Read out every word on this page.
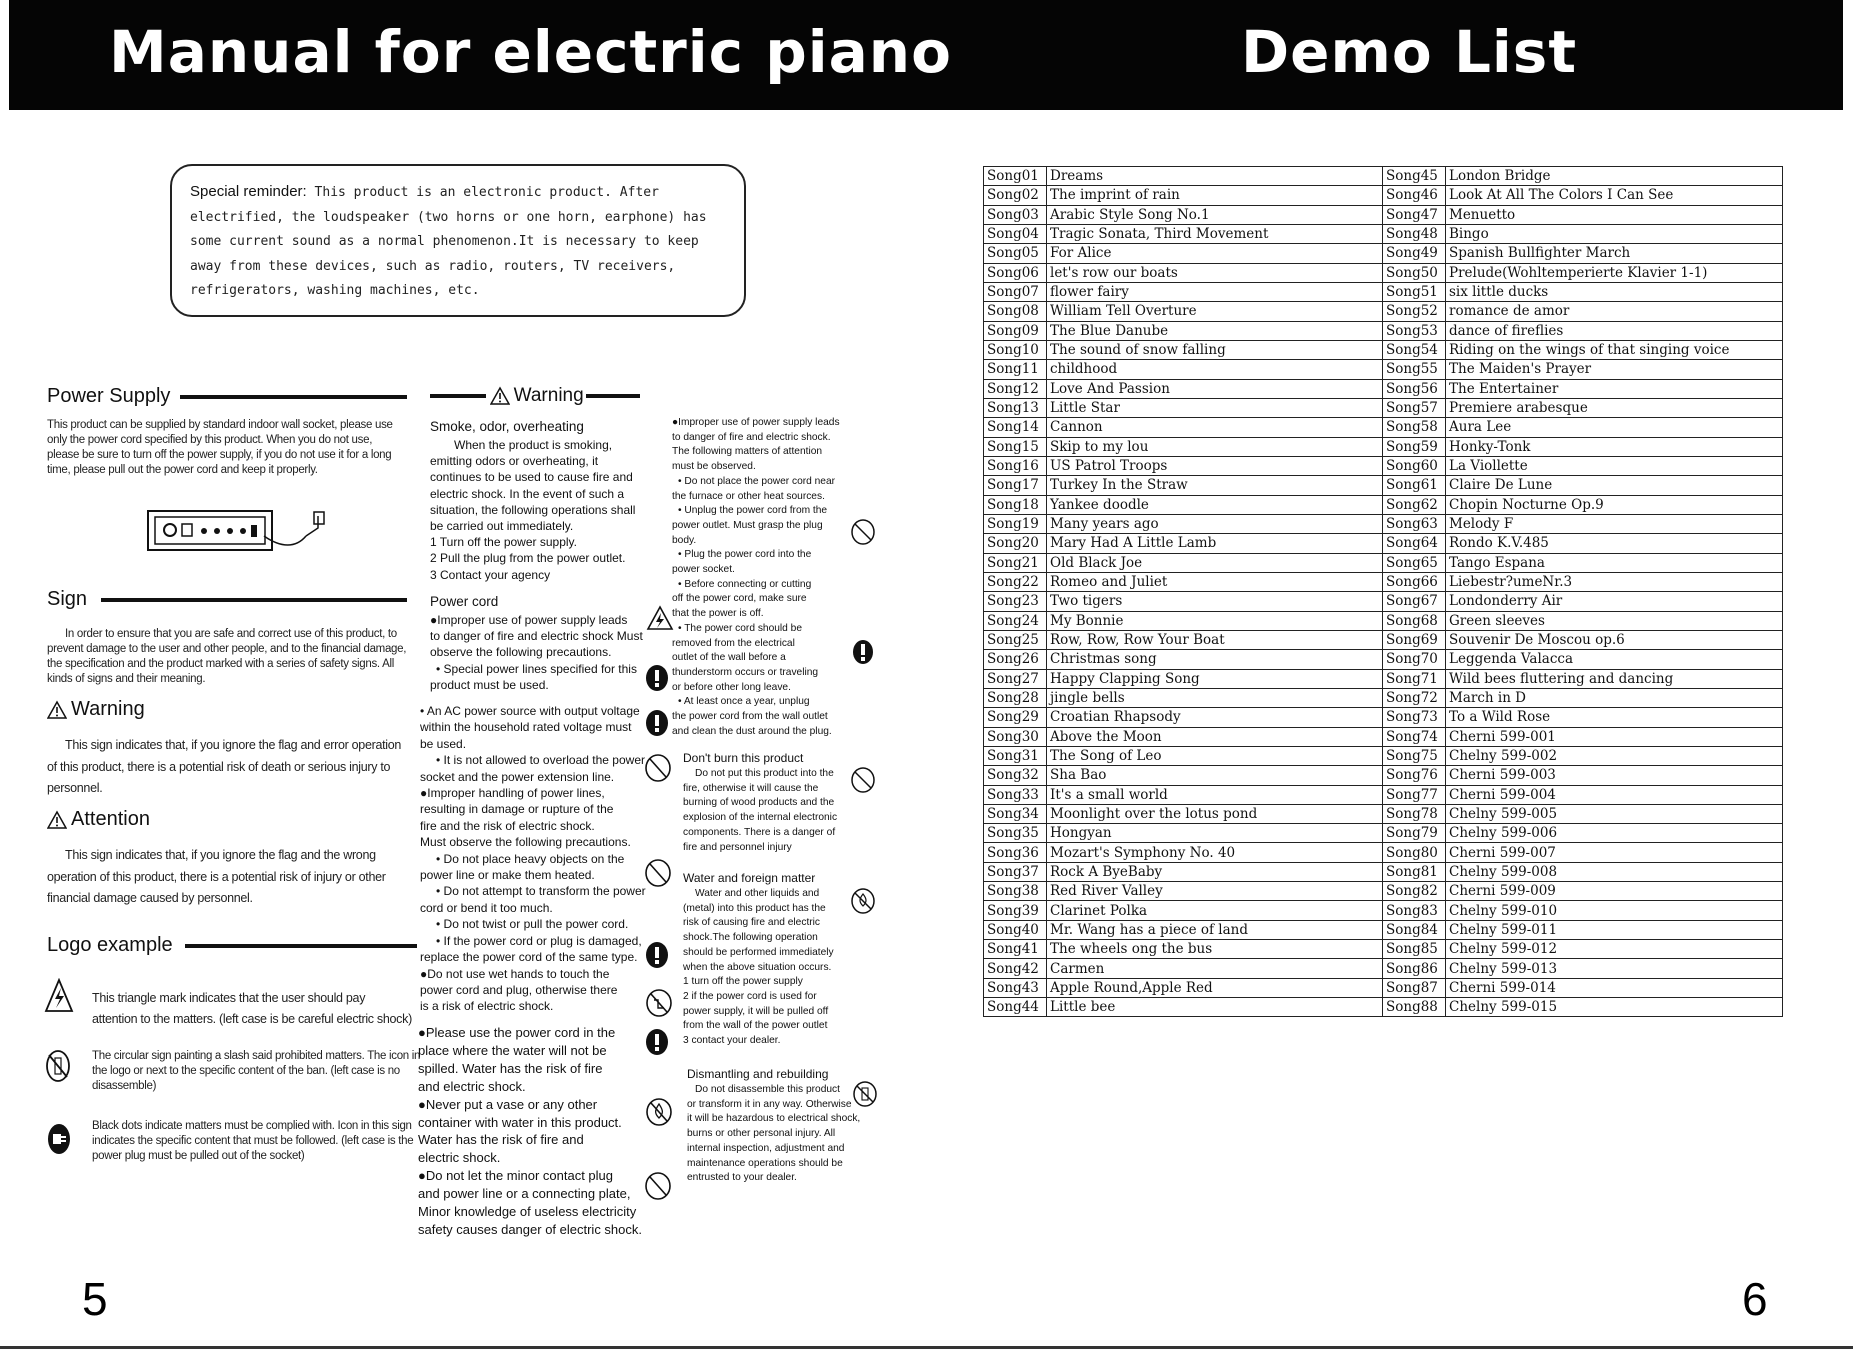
Manual for electric piano	Demo List
Special reminder: This product is an electronic product. After electrified, the loudspeaker (two horns or one horn, earphone) has some current sound as a normal phenomenon.It is necessary to keep away from these devices, such as radio, routers, TV receivers, refrigerators, washing machines, etc.
Power Supply
This product can be supplied by standard indoor wall socket, please use only the power cord specified by this product. When you do not use, please be sure to turn off the power supply, if you do not use it for a long time, please pull out the power cord and keep it properly.
Sign
In order to ensure that you are safe and correct use of this product, to prevent damage to the user and other people, and to the financial damage, the specification and the product marked with a series of safety signs. All kinds of signs and their meaning.
Warning
This sign indicates that, if you ignore the flag and error operation of this product, there is a potential risk of death or serious injury to personnel.
Attention
This sign indicates that, if you ignore the flag and the wrong operation of this product, there is a potential risk of injury or other financial damage caused by personnel.
Logo example
This triangle mark indicates that the user should pay attention to the matters. (left case is be careful electric shock)
The circular sign painting a slash said prohibited matters. The icon in the logo or next to the specific content of the ban. (left case is no disassemble)
Black dots indicate matters must be complied with. Icon in this sign indicates the specific content that must be followed. (left case is the power plug must be pulled out of the socket)
Warning
Smoke, odor, overheating
When the product is smoking,
emitting odors or overheating, it
continues to be used to cause fire and
electric shock. In the event of such a
situation, the following operations shall
be carried out immediately.
1 Turn off the power supply.
2 Pull the plug from the power outlet.
3 Contact your agency
Power cord
●Improper use of power supply leads
to danger of fire and electric shock Must
observe the following precautions.
• Special power lines specified for this
product must be used.
• An AC power source with output voltage
within the household rated voltage must
be used.
• It is not allowed to overload the power
socket and the power extension line.
●Improper handling of power lines,
resulting in damage or rupture of the
fire and the risk of electric shock.
Must observe the following precautions.
• Do not place heavy objects on the
power line or make them heated.
• Do not attempt to transform the power
cord or bend it too much.
• Do not twist or pull the power cord.
• If the power cord or plug is damaged,
replace the power cord of the same type.
●Do not use wet hands to touch the
power cord and plug, otherwise there
is a risk of electric shock.
●Please use the power cord in the
place where the water will not be
spilled. Water has the risk of fire
and electric shock.
●Never put a vase or any other
container with water in this product.
Water has the risk of fire and
electric shock.
●Do not let the minor contact plug
and power line or a connecting plate,
Minor knowledge of useless electricity
safety causes danger of electric shock.
●Improper use of power supply leads
to danger of fire and electric shock.
The following matters of attention
must be observed.
• Do not place the power cord near
the furnace or other heat sources.
• Unplug the power cord from the
power outlet. Must grasp the plug
body.
• Plug the power cord into the
power socket.
• Before connecting or cutting
off the power cord, make sure
that the power is off.
• The power cord should be
removed from the electrical
outlet of the wall before a
thunderstorm occurs or traveling
or before other long leave.
• At least once a year, unplug
the power cord from the wall outlet
and clean the dust around the plug.
Don't burn this product
Do not put this product into the
fire, otherwise it will cause the
burning of wood products and the
explosion of the internal electronic
components. There is a danger of
fire and personnel injury
Water and foreign matter
Water and other liquids and
(metal) into this product has the
risk of causing fire and electric
shock.The following operation
should be performed immediately
when the above situation occurs.
1 turn off the power supply
2 if the power cord is used for
power supply, it will be pulled off
from the wall of the power outlet
3 contact your dealer.
Dismantling and rebuilding
Do not disassemble this product
or transform it in any way. Otherwise
it will be hazardous to electrical shock,
burns or other personal injury. All
internal inspection, adjustment and
maintenance operations should be
entrusted to your dealer.
Song01	Dreams	Song45	London Bridge
Song02	The imprint of rain	Song46	Look At All The Colors I Can See
Song03	Arabic Style Song No.1	Song47	Menuetto
Song04	Tragic Sonata, Third Movement	Song48	Bingo
Song05	For Alice	Song49	Spanish Bullfighter March
Song06	let's row our boats	Song50	Prelude(Wohltemperierte Klavier 1-1)
Song07	flower fairy	Song51	six little ducks
Song08	William Tell Overture	Song52	romance de amor
Song09	The Blue Danube	Song53	dance of fireflies
Song10	The sound of snow falling	Song54	Riding on the wings of that singing voice
Song11	childhood	Song55	The Maiden's Prayer
Song12	Love And Passion	Song56	The Entertainer
Song13	Little Star	Song57	Premiere arabesque
Song14	Cannon	Song58	Aura Lee
Song15	Skip to my lou	Song59	Honky-Tonk
Song16	US Patrol Troops	Song60	La Viollette
Song17	Turkey In the Straw	Song61	Claire De Lune
Song18	Yankee doodle	Song62	Chopin Nocturne Op.9
Song19	Many years ago	Song63	Melody F
Song20	Mary Had A Little Lamb	Song64	Rondo K.V.485
Song21	Old Black Joe	Song65	Tango Espana
Song22	Romeo and Juliet	Song66	Liebestr?umeNr.3
Song23	Two tigers	Song67	Londonderry Air
Song24	My Bonnie	Song68	Green sleeves
Song25	Row, Row, Row Your Boat	Song69	Souvenir De Moscou op.6
Song26	Christmas song	Song70	Leggenda Valacca
Song27	Happy Clapping Song	Song71	Wild bees fluttering and dancing
Song28	jingle bells	Song72	March in D
Song29	Croatian Rhapsody	Song73	To a Wild Rose
Song30	Above the Moon	Song74	Cherni 599-001
Song31	The Song of Leo	Song75	Chelny 599-002
Song32	Sha Bao	Song76	Cherni 599-003
Song33	It's a small world	Song77	Cherni 599-004
Song34	Moonlight over the lotus pond	Song78	Chelny 599-005
Song35	Hongyan	Song79	Chelny 599-006
Song36	Mozart's Symphony No. 40	Song80	Cherni 599-007
Song37	Rock A ByeBaby	Song81	Chelny 599-008
Song38	Red River Valley	Song82	Cherni 599-009
Song39	Clarinet Polka	Song83	Chelny 599-010
Song40	Mr. Wang has a piece of land	Song84	Chelny 599-011
Song41	The wheels ong the bus	Song85	Chelny 599-012
Song42	Carmen	Song86	Chelny 599-013
Song43	Apple Round,Apple Red	Song87	Cherni 599-014
Song44	Little bee	Song88	Chelny 599-015
5	6
